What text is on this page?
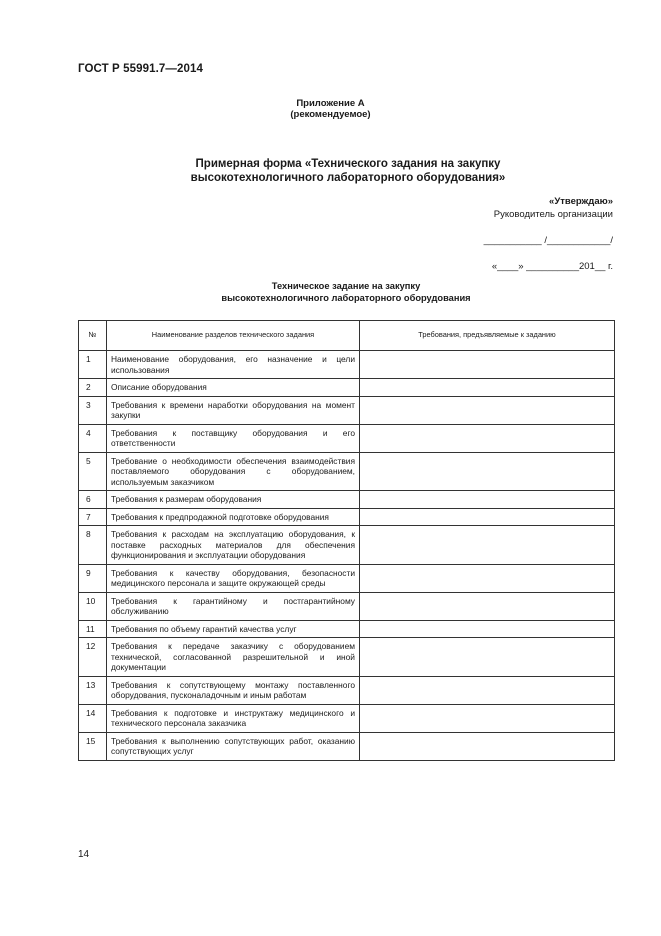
ГОСТ Р 55991.7—2014
Приложение А
(рекомендуемое)
Примерная форма «Технического задания на закупку
высокотехнологичного лабораторного оборудования»
«Утверждаю»
Руководитель организации
___________ /____________/
«____» __________201__ г.
Техническое задание на закупку
высокотехнологичного лабораторного оборудования
№	Наименование разделов технического задания	Требования, предъявляемые к заданию
1	Наименование оборудования, его назначение и цели использования	
2	Описание оборудования	
3	Требования к времени наработки оборудования на момент закупки	
4	Требования к поставщику оборудования и его ответственности	
5	Требование о необходимости обеспечения взаимодействия поставляемого оборудования с оборудованием, используемым заказчиком	
6	Требования к размерам оборудования	
7	Требования к предпродажной подготовке оборудования	
8	Требования к расходам на эксплуатацию оборудования, к поставке расходных материалов для обеспечения функционирования и эксплуатации оборудования	
9	Требования к качеству оборудования, безопасности медицинского персонала и защите окружающей среды	
10	Требования к гарантийному и постгарантийному обслуживанию	
11	Требования по объему гарантий качества услуг	
12	Требования к передаче заказчику с оборудованием технической, согласованной разрешительной и иной документации	
13	Требования к сопутствующему монтажу поставленного оборудования, пусконаладочным и иным работам	
14	Требования к подготовке и инструктажу медицинского и технического персонала заказчика	
15	Требования к выполнению сопутствующих работ, оказанию сопутствующих услуг	
14
